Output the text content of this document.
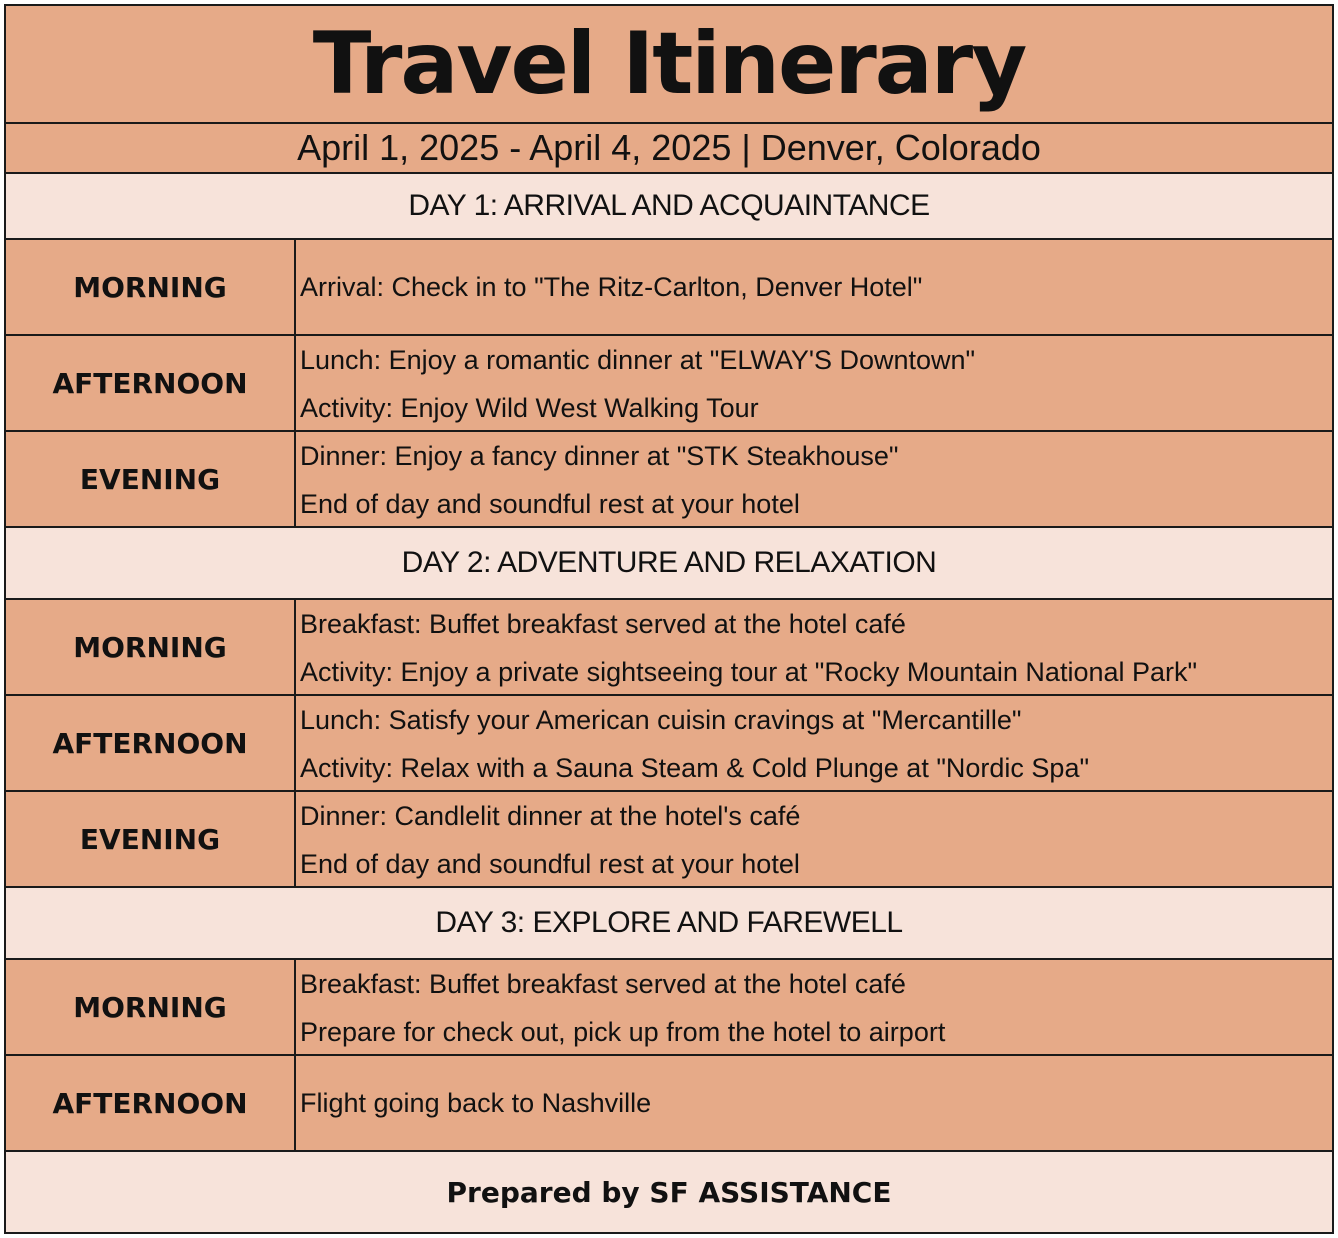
Travel Itinerary
April 1, 2025 - April 4, 2025 | Denver, Colorado
DAY 1: ARRIVAL AND ACQUAINTANCE
MORNING	Arrival: Check in to "The Ritz-Carlton, Denver Hotel"
AFTERNOON
Lunch: Enjoy a romantic dinner at "ELWAY'S Downtown"
Activity: Enjoy Wild West Walking Tour
EVENING
Dinner: Enjoy a fancy dinner at "STK Steakhouse"
End of day and soundful rest at your hotel
DAY 2: ADVENTURE AND RELAXATION
MORNING
Breakfast: Buffet breakfast served at the hotel café
Activity: Enjoy a private sightseeing tour at "Rocky Mountain National Park"
AFTERNOON
Lunch: Satisfy your American cuisin cravings at "Mercantille"
Activity: Relax with a Sauna Steam & Cold Plunge at "Nordic Spa"
EVENING
Dinner: Candlelit dinner at the hotel's café
End of day and soundful rest at your hotel
DAY 3: EXPLORE AND FAREWELL
MORNING
Breakfast: Buffet breakfast served at the hotel café
Prepare for check out, pick up from the hotel to airport
AFTERNOON	Flight going back to Nashville
Prepared by SF ASSISTANCE
